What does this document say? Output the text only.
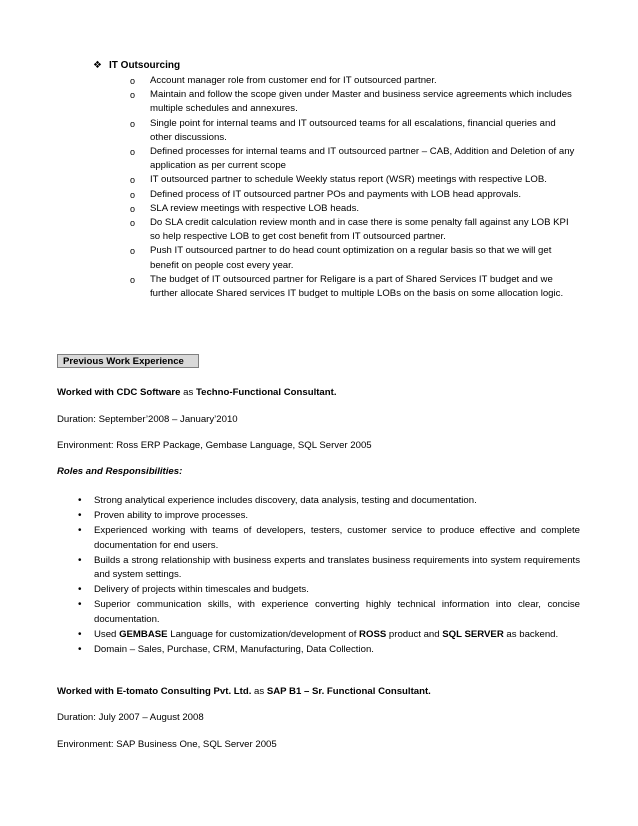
❖ IT Outsourcing
o Account manager role from customer end for IT outsourced partner.
o Maintain and follow the scope given under Master and business service agreements which includes multiple schedules and annexures.
o Single point for internal teams and IT outsourced teams for all escalations, financial queries and other discussions.
o Defined processes for internal teams and IT outsourced partner – CAB, Addition and Deletion of any application as per current scope
o IT outsourced partner to schedule Weekly status report (WSR) meetings with respective LOB.
o Defined process of IT outsourced partner POs and payments with LOB head approvals.
o SLA review meetings with respective LOB heads.
o Do SLA credit calculation review month and in case there is some penalty fall against any LOB KPI so help respective LOB to get cost benefit from IT outsourced partner.
o Push IT outsourced partner to do head count optimization on a regular basis so that we will get benefit on people cost every year.
o The budget of IT outsourced partner for Religare is a part of Shared Services IT budget and we further allocate Shared services IT budget to multiple LOBs on the basis on some allocation logic.
Previous Work Experience
Worked with CDC Software as Techno-Functional Consultant.
Duration: September’2008 – January’2010
Environment: Ross ERP Package, Gembase Language, SQL Server 2005
Roles and Responsibilities:
• Strong analytical experience includes discovery, data analysis, testing and documentation.
• Proven ability to improve processes.
• Experienced working with teams of developers, testers, customer service to produce effective and complete documentation for end users.
• Builds a strong relationship with business experts and translates business requirements into system requirements and system settings.
• Delivery of projects within timescales and budgets.
• Superior communication skills, with experience converting highly technical information into clear, concise documentation.
• Used GEMBASE Language for customization/development of ROSS product and SQL SERVER as backend.
• Domain – Sales, Purchase, CRM, Manufacturing, Data Collection.
Worked with E-tomato Consulting Pvt. Ltd. as SAP B1 – Sr. Functional Consultant.
Duration: July 2007 – August 2008
Environment: SAP Business One, SQL Server 2005
